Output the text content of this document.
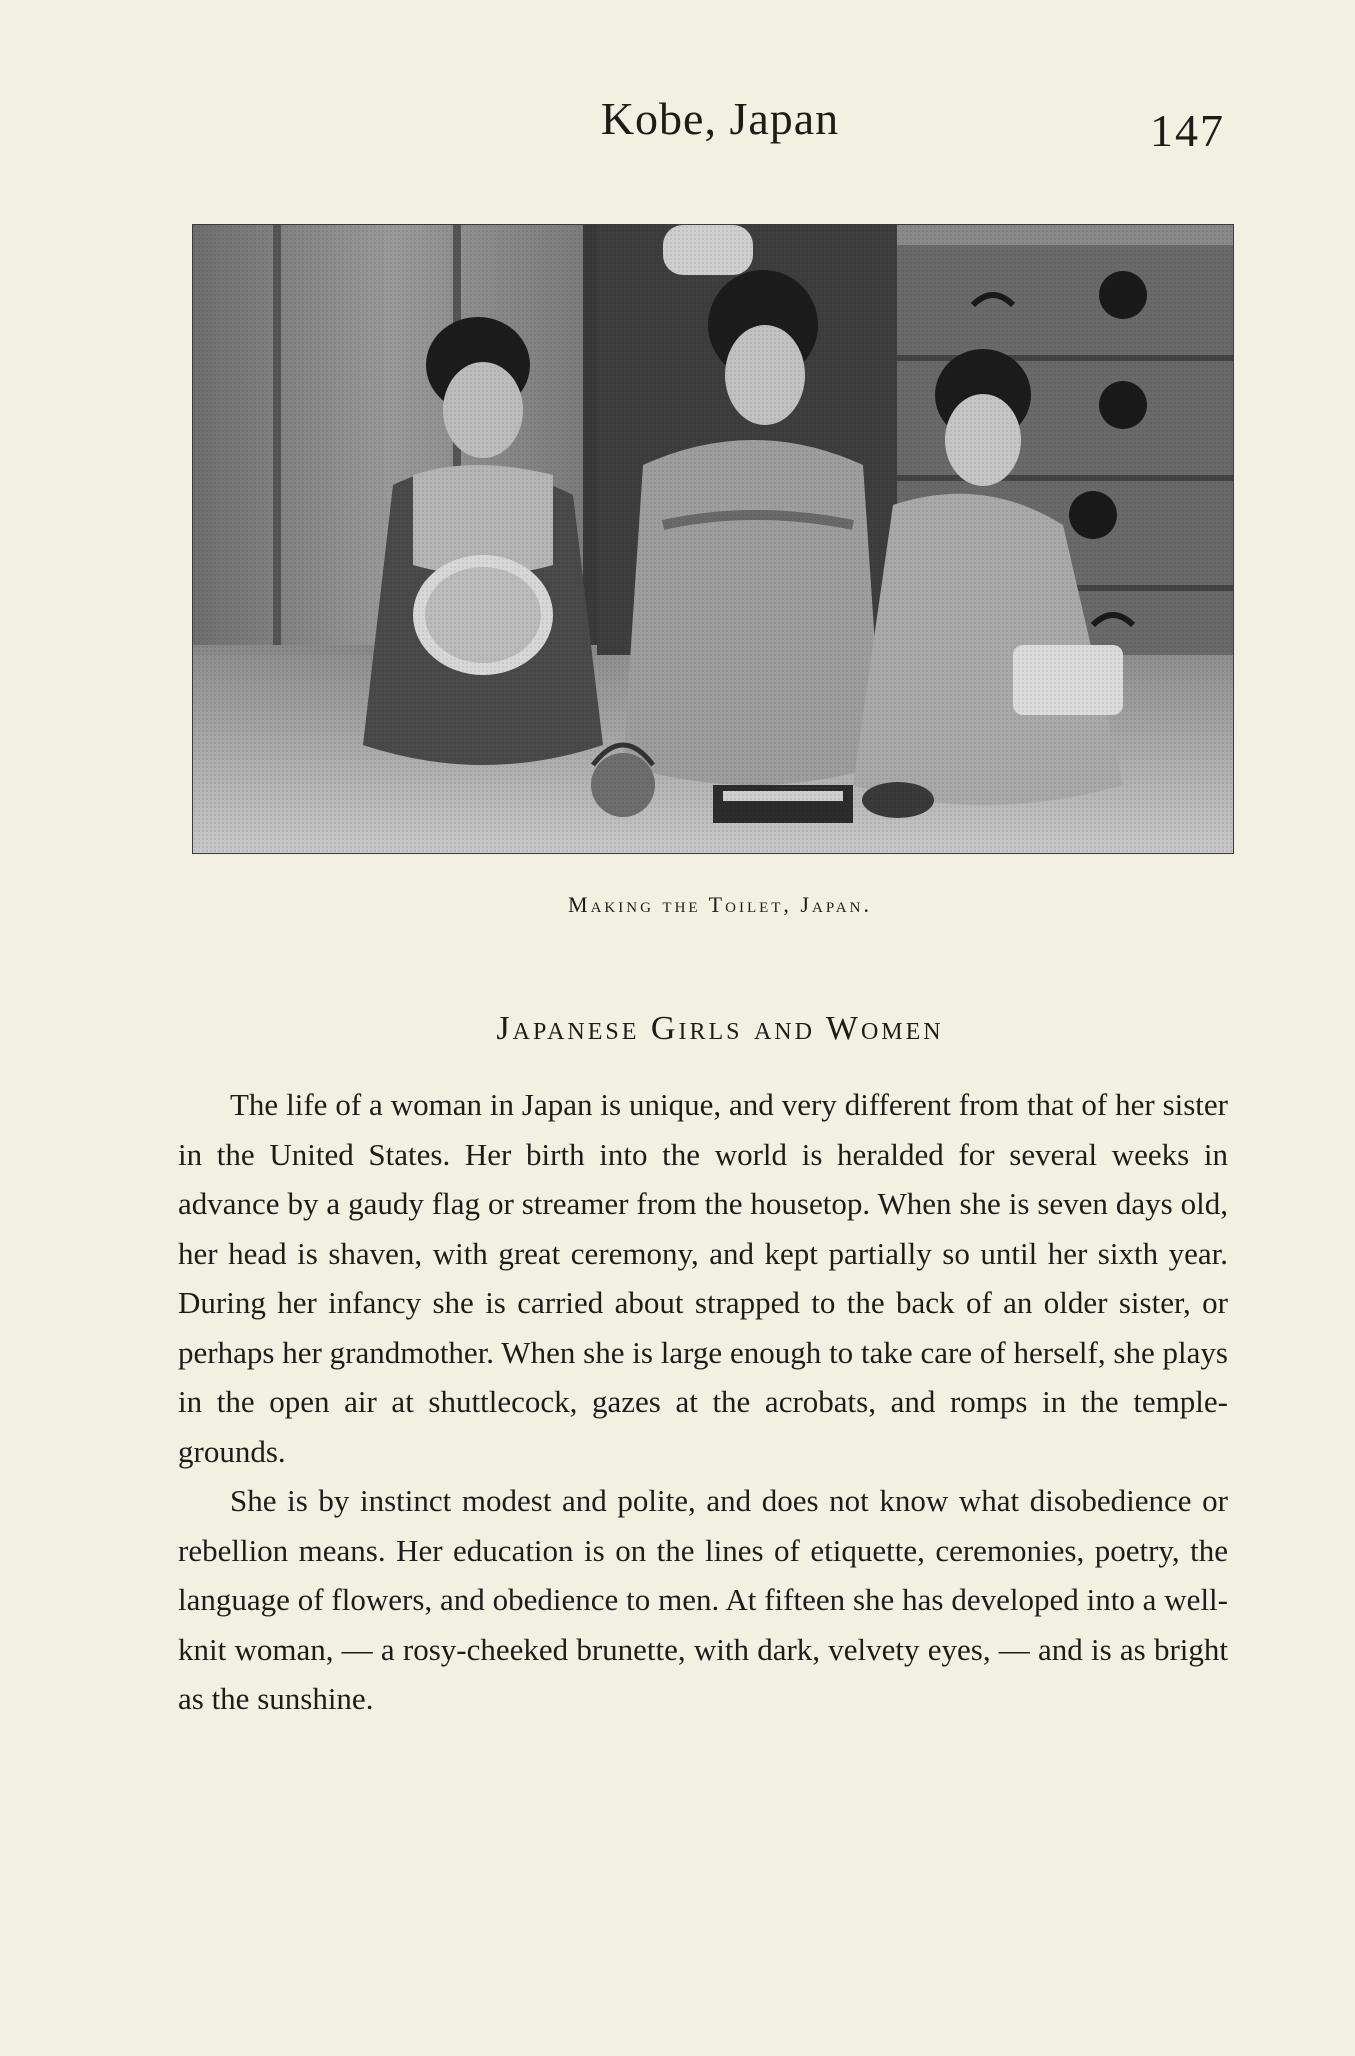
Kobe, Japan	147
Making the Toilet, Japan.
Japanese Girls and Women

The life of a woman in Japan is unique, and very different from that of her sister in the United States. Her birth into the world is heralded for several weeks in advance by a gaudy flag or streamer from the housetop. When she is seven days old, her head is shaven, with great ceremony, and kept partially so until her sixth year. During her infancy she is carried about strapped to the back of an older sister, or perhaps her grandmother. When she is large enough to take care of herself, she plays in the open air at shuttlecock, gazes at the acrobats, and romps in the temple-grounds.

She is by instinct modest and polite, and does not know what disobedience or rebellion means. Her education is on the lines of etiquette, ceremonies, poetry, the language of flowers, and obedience to men. At fifteen she has developed into a well-knit woman, — a rosy-cheeked brunette, with dark, velvety eyes, — and is as bright as the sunshine.
